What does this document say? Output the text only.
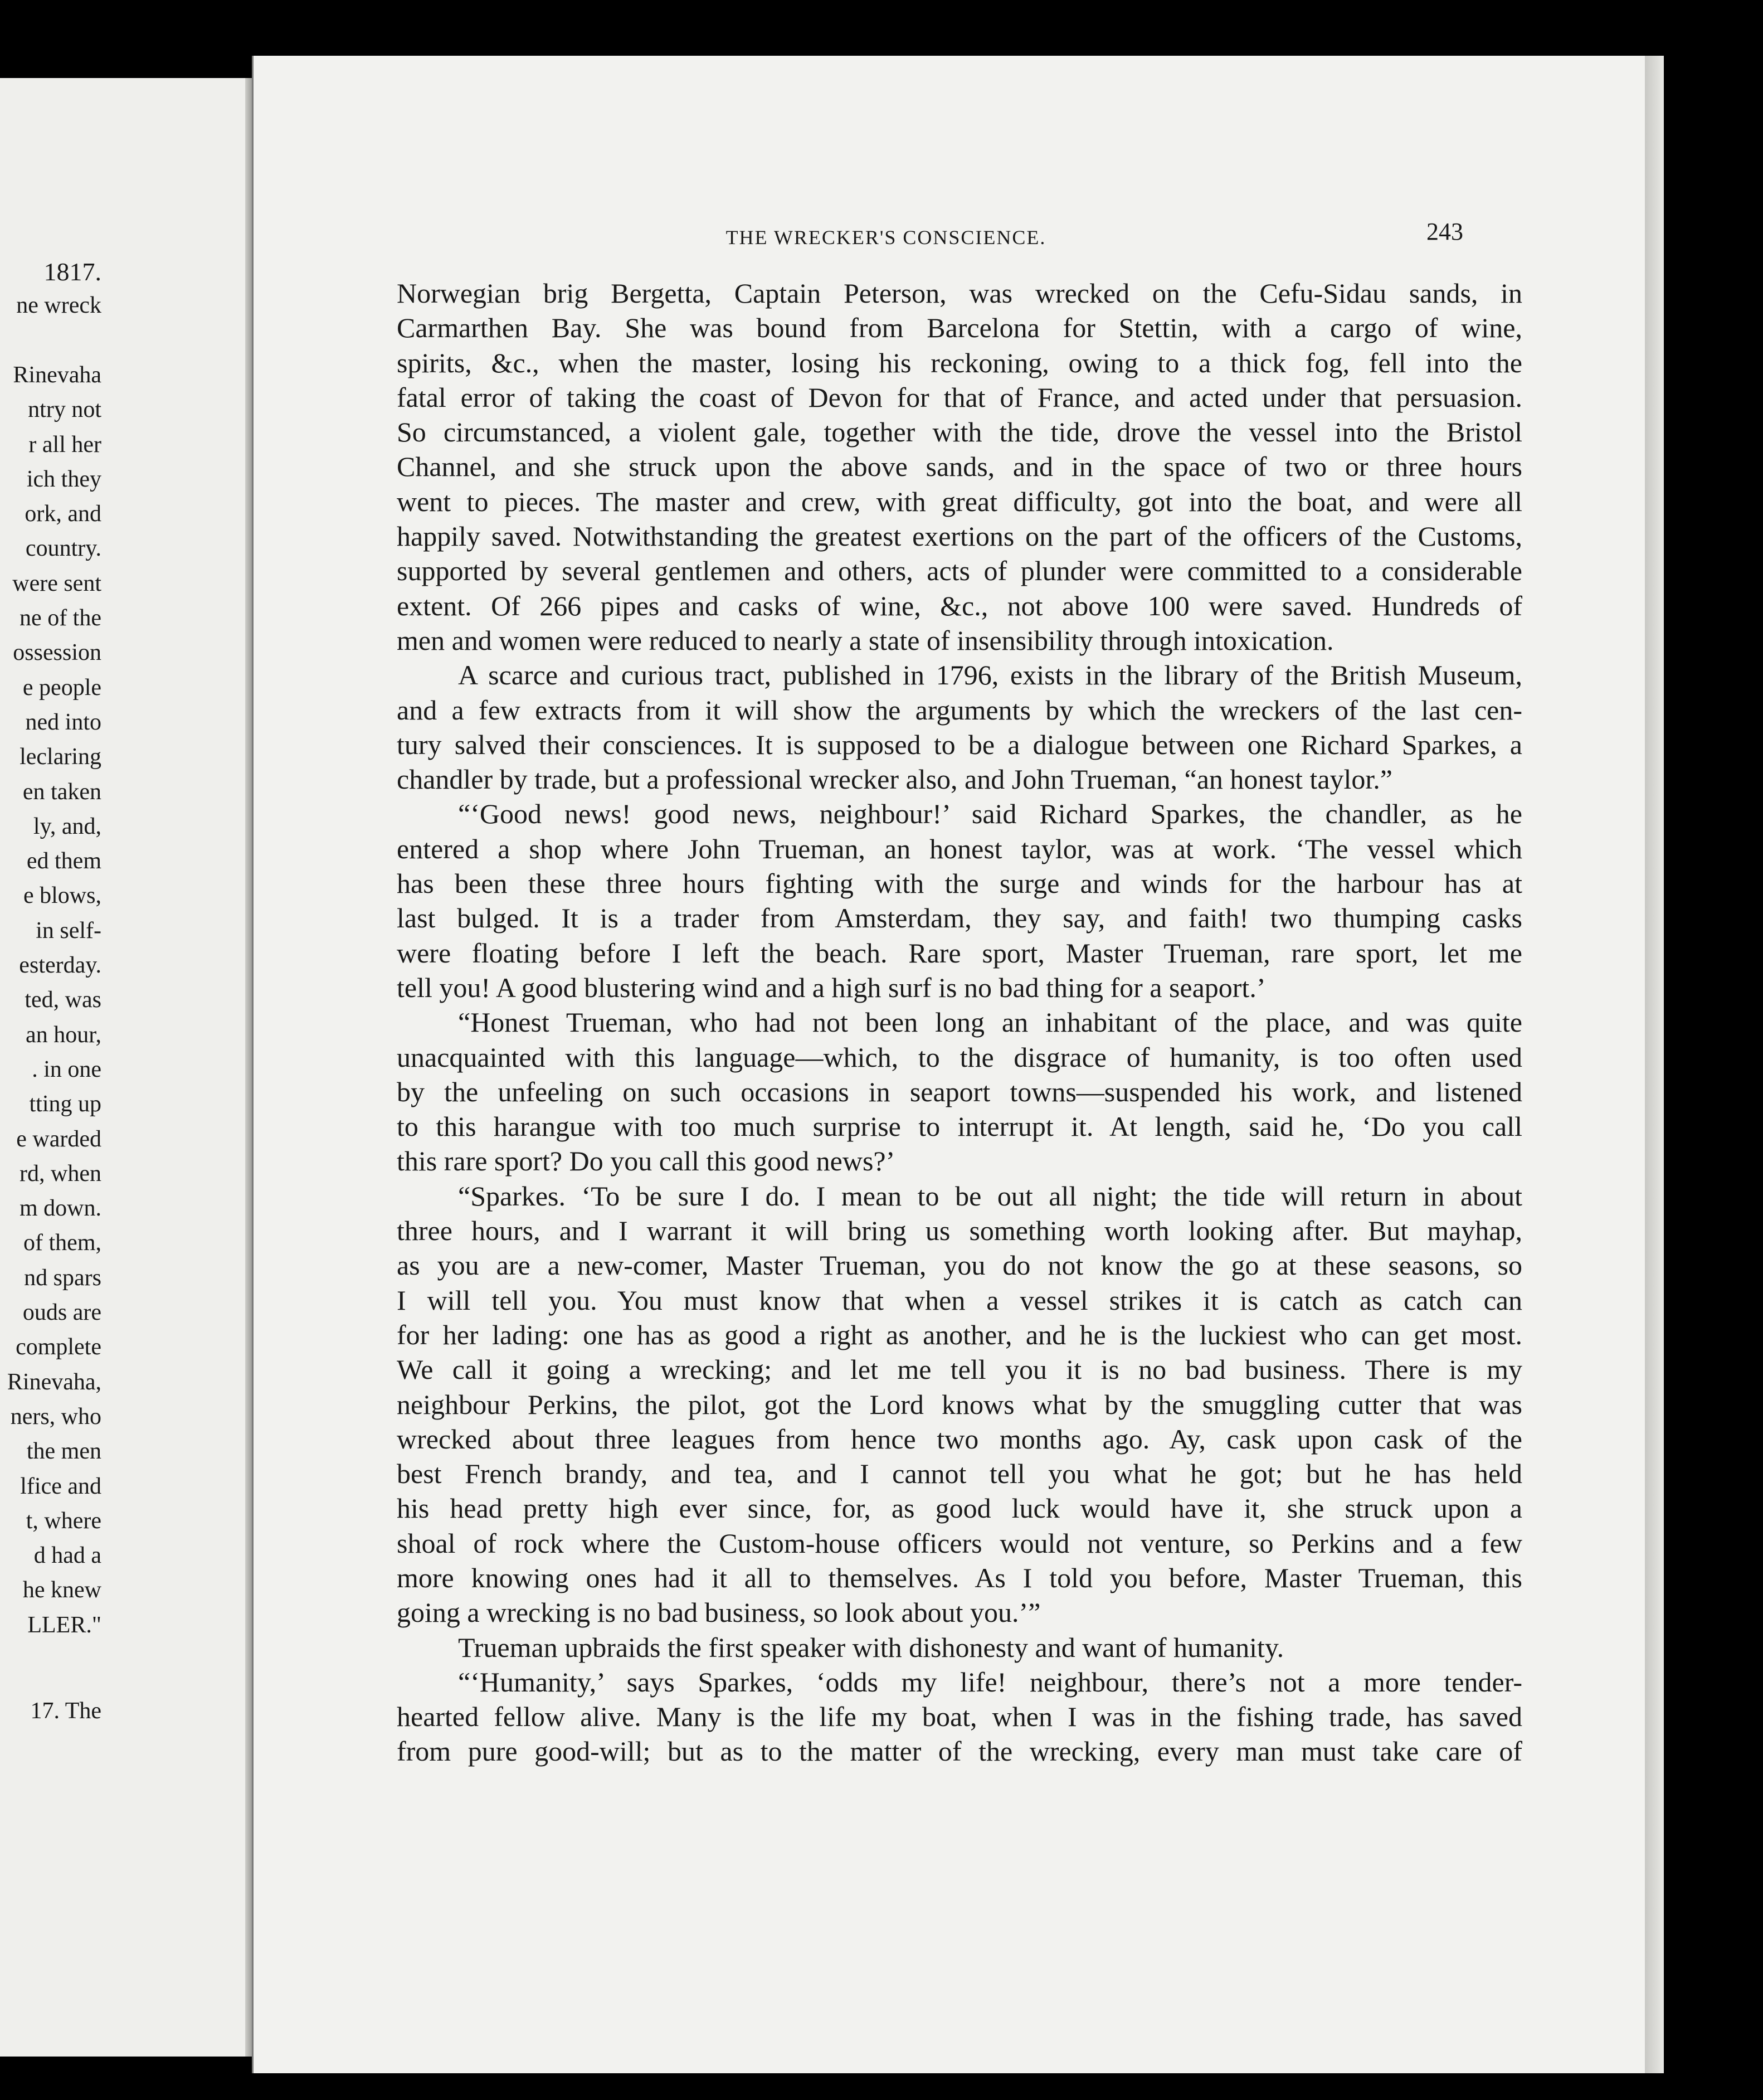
1817.
ne wreck
Rinevaha
ntry not
r all her
ich they
ork, and
country.
were sent
ne of the
ossession
e people
ned into
leclaring
en taken
ly, and,
ed them
e blows,
in self-
esterday.
ted, was
an hour,
. in one
tting up
e warded
rd, when
m down.
of them,
nd spars
ouds are
complete
Rinevaha,
ners, who
the men
lfice and
t, where
d had a
he knew
LLER."
17. The
THE WRECKER'S CONSCIENCE.	243
Norwegian brig Bergetta, Captain Peterson, was wrecked on the Cefu-Sidau sands, in
Carmarthen Bay. She was bound from Barcelona for Stettin, with a cargo of wine,
spirits, &c., when the master, losing his reckoning, owing to a thick fog, fell into the
fatal error of taking the coast of Devon for that of France, and acted under that persuasion.
So circumstanced, a violent gale, together with the tide, drove the vessel into the Bristol
Channel, and she struck upon the above sands, and in the space of two or three hours
went to pieces. The master and crew, with great difficulty, got into the boat, and were all
happily saved. Notwithstanding the greatest exertions on the part of the officers of the Customs,
supported by several gentlemen and others, acts of plunder were committed to a considerable
extent. Of 266 pipes and casks of wine, &c., not above 100 were saved. Hundreds of
men and women were reduced to nearly a state of insensibility through intoxication.
A scarce and curious tract, published in 1796, exists in the library of the British Museum,
and a few extracts from it will show the arguments by which the wreckers of the last cen-
tury salved their consciences. It is supposed to be a dialogue between one Richard Sparkes, a
chandler by trade, but a professional wrecker also, and John Trueman, “an honest taylor.”
“‘Good news! good news, neighbour!’ said Richard Sparkes, the chandler, as he
entered a shop where John Trueman, an honest taylor, was at work. ‘The vessel which
has been these three hours fighting with the surge and winds for the harbour has at
last bulged. It is a trader from Amsterdam, they say, and faith! two thumping casks
were floating before I left the beach. Rare sport, Master Trueman, rare sport, let me
tell you! A good blustering wind and a high surf is no bad thing for a seaport.’
“Honest Trueman, who had not been long an inhabitant of the place, and was quite
unacquainted with this language—which, to the disgrace of humanity, is too often used
by the unfeeling on such occasions in seaport towns—suspended his work, and listened
to this harangue with too much surprise to interrupt it. At length, said he, ‘Do you call
this rare sport? Do you call this good news?’
“Sparkes. ‘To be sure I do. I mean to be out all night; the tide will return in about
three hours, and I warrant it will bring us something worth looking after. But mayhap,
as you are a new-comer, Master Trueman, you do not know the go at these seasons, so
I will tell you. You must know that when a vessel strikes it is catch as catch can
for her lading: one has as good a right as another, and he is the luckiest who can get most.
We call it going a wrecking; and let me tell you it is no bad business. There is my
neighbour Perkins, the pilot, got the Lord knows what by the smuggling cutter that was
wrecked about three leagues from hence two months ago. Ay, cask upon cask of the
best French brandy, and tea, and I cannot tell you what he got; but he has held
his head pretty high ever since, for, as good luck would have it, she struck upon a
shoal of rock where the Custom-house officers would not venture, so Perkins and a few
more knowing ones had it all to themselves. As I told you before, Master Trueman, this
going a wrecking is no bad business, so look about you.’”
Trueman upbraids the first speaker with dishonesty and want of humanity.
“‘Humanity,’ says Sparkes, ‘odds my life! neighbour, there’s not a more tender-
hearted fellow alive. Many is the life my boat, when I was in the fishing trade, has saved
from pure good-will; but as to the matter of the wrecking, every man must take care of
